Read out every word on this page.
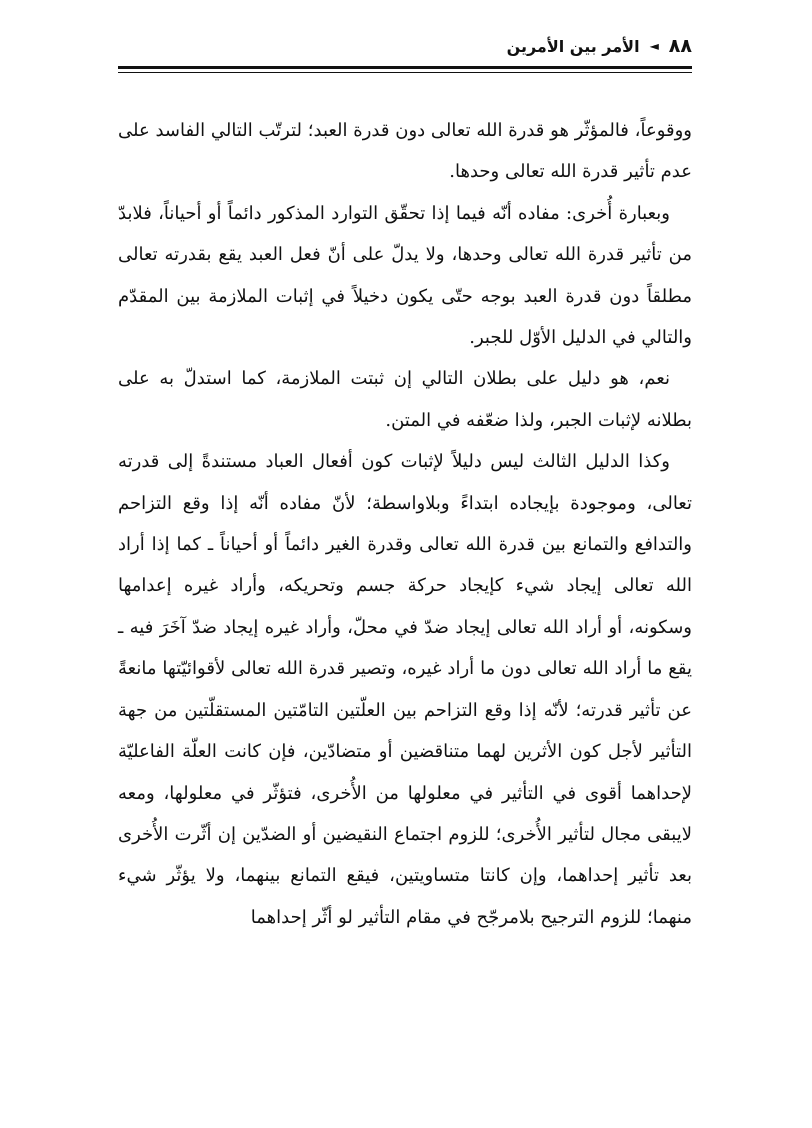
٨٨
◄
الأمر بين الأمرين

ووقوعاً، فالمؤثّر هو قدرة الله تعالى دون قدرة العبد؛ لترتّب التالي الفاسد على عدم تأثير قدرة الله تعالى وحدها.

وبعبارة أُخرى: مفاده أنّه فيما إذا تحقّق التوارد المذكور دائماً أو أحياناً، فلابدّ من تأثير قدرة الله تعالى وحدها، ولا يدلّ على أنّ فعل العبد يقع بقدرته تعالى مطلقاً دون قدرة العبد بوجه حتّى يكون دخيلاً في إثبات الملازمة بين المقدّم والتالي في الدليل الأوّل للجبر.

نعم، هو دليل على بطلان التالي إن ثبتت الملازمة، كما استدلّ به على بطلانه لإثبات الجبر، ولذا ضعّفه في المتن.

وكذا الدليل الثالث ليس دليلاً لإثبات كون أفعال العباد مستندةً إلى قدرته تعالى، وموجودة بإيجاده ابتداءً وبلاواسطة؛ لأنّ مفاده أنّه إذا وقع التزاحم والتدافع والتمانع بين قدرة الله تعالى وقدرة الغير دائماً أو أحياناً ـ كما إذا أراد الله تعالى إيجاد شيء كإيجاد حركة جسم وتحريكه، وأراد غيره إعدامها وسكونه، أو أراد الله تعالى إيجاد ضدّ في محلّ، وأراد غيره إيجاد ضدّ آخَرَ فيه ـ يقع ما أراد الله تعالى دون ما أراد غيره، وتصير قدرة الله تعالى لأقوائيّتها مانعةً عن تأثير قدرته؛ لأنّه إذا وقع التزاحم بين العلّتين التامّتين المستقلّتين من جهة التأثير لأجل كون الأثرين لهما متناقضين أو متضادّين، فإن كانت العلّة الفاعليّة لإحداهما أقوى في التأثير في معلولها من الأُخرى، فتؤثّر في معلولها، ومعه لايبقى مجال لتأثير الأُخرى؛ للزوم اجتماع النقيضين أو الضدّين إن أثّرت الأُخرى بعد تأثير إحداهما، وإن كانتا متساويتين، فيقع التمانع بينهما، ولا يؤثّر شيء منهما؛ للزوم الترجيح بلامرجّح في مقام التأثير لو أثّر إحداهما
